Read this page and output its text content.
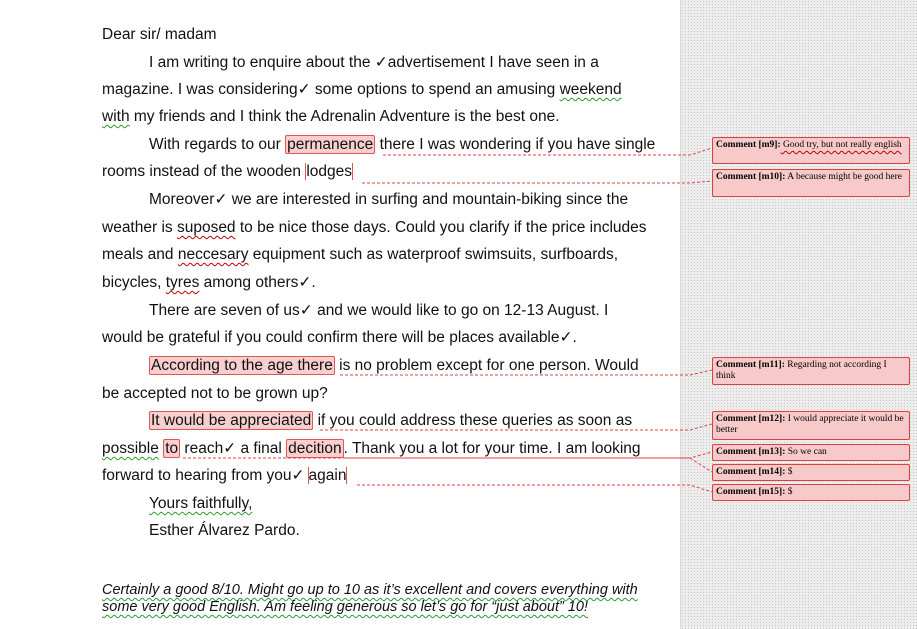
Dear sir/ madam
I am writing to enquire about the ✓advertisement I have seen in a
magazine. I was considering✓ some options to spend an amusing weekend
with my friends and I think the Adrenalin Adventure is the best one.
With regards to our permanence there I was wondering if you have single
rooms instead of the wooden lodges
Moreover✓ we are interested in surfing and mountain-biking since the
weather is suposed to be nice those days. Could you clarify if the price includes
meals and neccesary equipment such as waterproof swimsuits, surfboards,
bicycles, tyres among others✓.
There are seven of us✓ and we would like to go on 12-13 August. I
would be grateful if you could confirm there will be places available✓.
According to the age there is no problem except for one person. Would
be accepted not to be grown up?
It would be appreciated if you could address these queries as soon as
possible to reach✓ a final decition . Thank you a lot for your time. I am looking
forward to hearing from you✓ again
Yours faithfully,
Esther Álvarez Pardo.
Certainly a good 8/10. Might go up to 10 as it’s excellent and covers everything with
some very good English. Am feeling generous so let’s go for “just about” 10!
Comment [m9]: Good try, but not really english
Comment [m10]: A because might be good here
Comment [m11]: Regarding not according I think
Comment [m12]: I would appreciate it would be better
Comment [m13]: So we can
Comment [m14]: $
Comment [m15]: $
